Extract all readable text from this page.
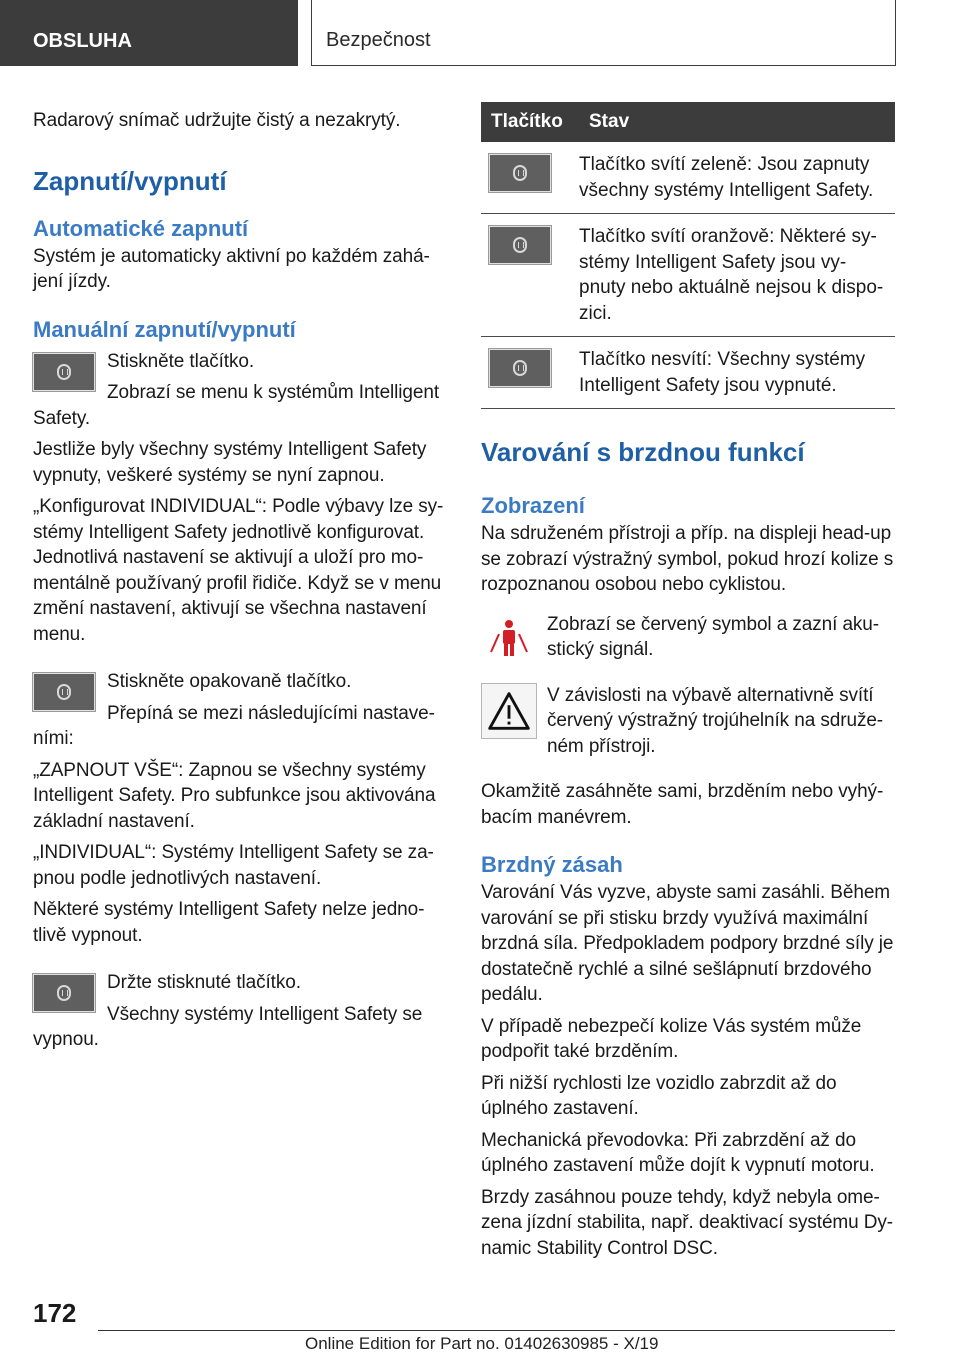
OBSLUHA	Bezpečnost

Radarový snímač udržujte čistý a nezakrytý.

Zapnutí/vypnutí
Automatické zapnutí

Systém je automaticky aktivní po každém zahá- jení jízdy.

Manuální zapnutí/vypnutí

Stiskněte tlačítko.

Zobrazí se menu k systémům Intelligent Safety.

Jestliže byly všechny systémy Intelligent Safety vypnuty, veškeré systémy se nyní zapnou.

„Konfigurovat INDIVIDUAL“: Podle výbavy lze sy- stémy Intelligent Safety jednotlivě konfigurovat. Jednotlivá nastavení se aktivují a uloží pro mo- mentálně používaný profil řidiče. Když se v menu změní nastavení, aktivují se všechna nastavení menu.

Stiskněte opakovaně tlačítko.

Přepíná se mezi následujícími nastave- ními:

„ZAPNOUT VŠE“: Zapnou se všechny systémy Intelligent Safety. Pro subfunkce jsou aktivována základní nastavení.

„INDIVIDUAL“: Systémy Intelligent Safety se za- pnou podle jednotlivých nastavení.

Některé systémy Intelligent Safety nelze jedno- tlivě vypnout.

Držte stisknuté tlačítko.

Všechny systémy Intelligent Safety se vypnou.

Tlačítko	Stav

	Tlačítko svítí zeleně: Jsou zapnuty všechny systémy Intelligent Safety.

	Tlačítko svítí oranžově: Některé sy- stémy Intelligent Safety jsou vy- pnuty nebo aktuálně nejsou k dispo- zici.

	Tlačítko nesvítí: Všechny systémy Intelligent Safety jsou vypnuté.
Varování s brzdnou funkcí
Zobrazení

Na sdruženém přístroji a příp. na displeji head-up se zobrazí výstražný symbol, pokud hrozí kolize s rozpoznanou osobou nebo cyklistou.

Zobrazí se červený symbol a zazní aku- stický signál.

V závislosti na výbavě alternativně svítí červený výstražný trojúhelník na sdruže- ném přístroji.

Okamžitě zasáhněte sami, brzděním nebo vyhý- bacím manévrem.

Brzdný zásah

Varování Vás vyzve, abyste sami zasáhli. Během varování se při stisku brzdy využívá maximální brzdná síla. Předpokladem podpory brzdné síly je dostatečně rychlé a silné sešlápnutí brzdového pedálu.

V případě nebezpečí kolize Vás systém může podpořit také brzděním.

Při nižší rychlosti lze vozidlo zabrzdit až do úplného zastavení.

Mechanická převodovka: Při zabrzdění až do úplného zastavení může dojít k vypnutí motoru.

Brzdy zasáhnou pouze tehdy, když nebyla ome- zena jízdní stabilita, např. deaktivací systému Dy- namic Stability Control DSC.

172
Online Edition for Part no. 01402630985 - X/19
